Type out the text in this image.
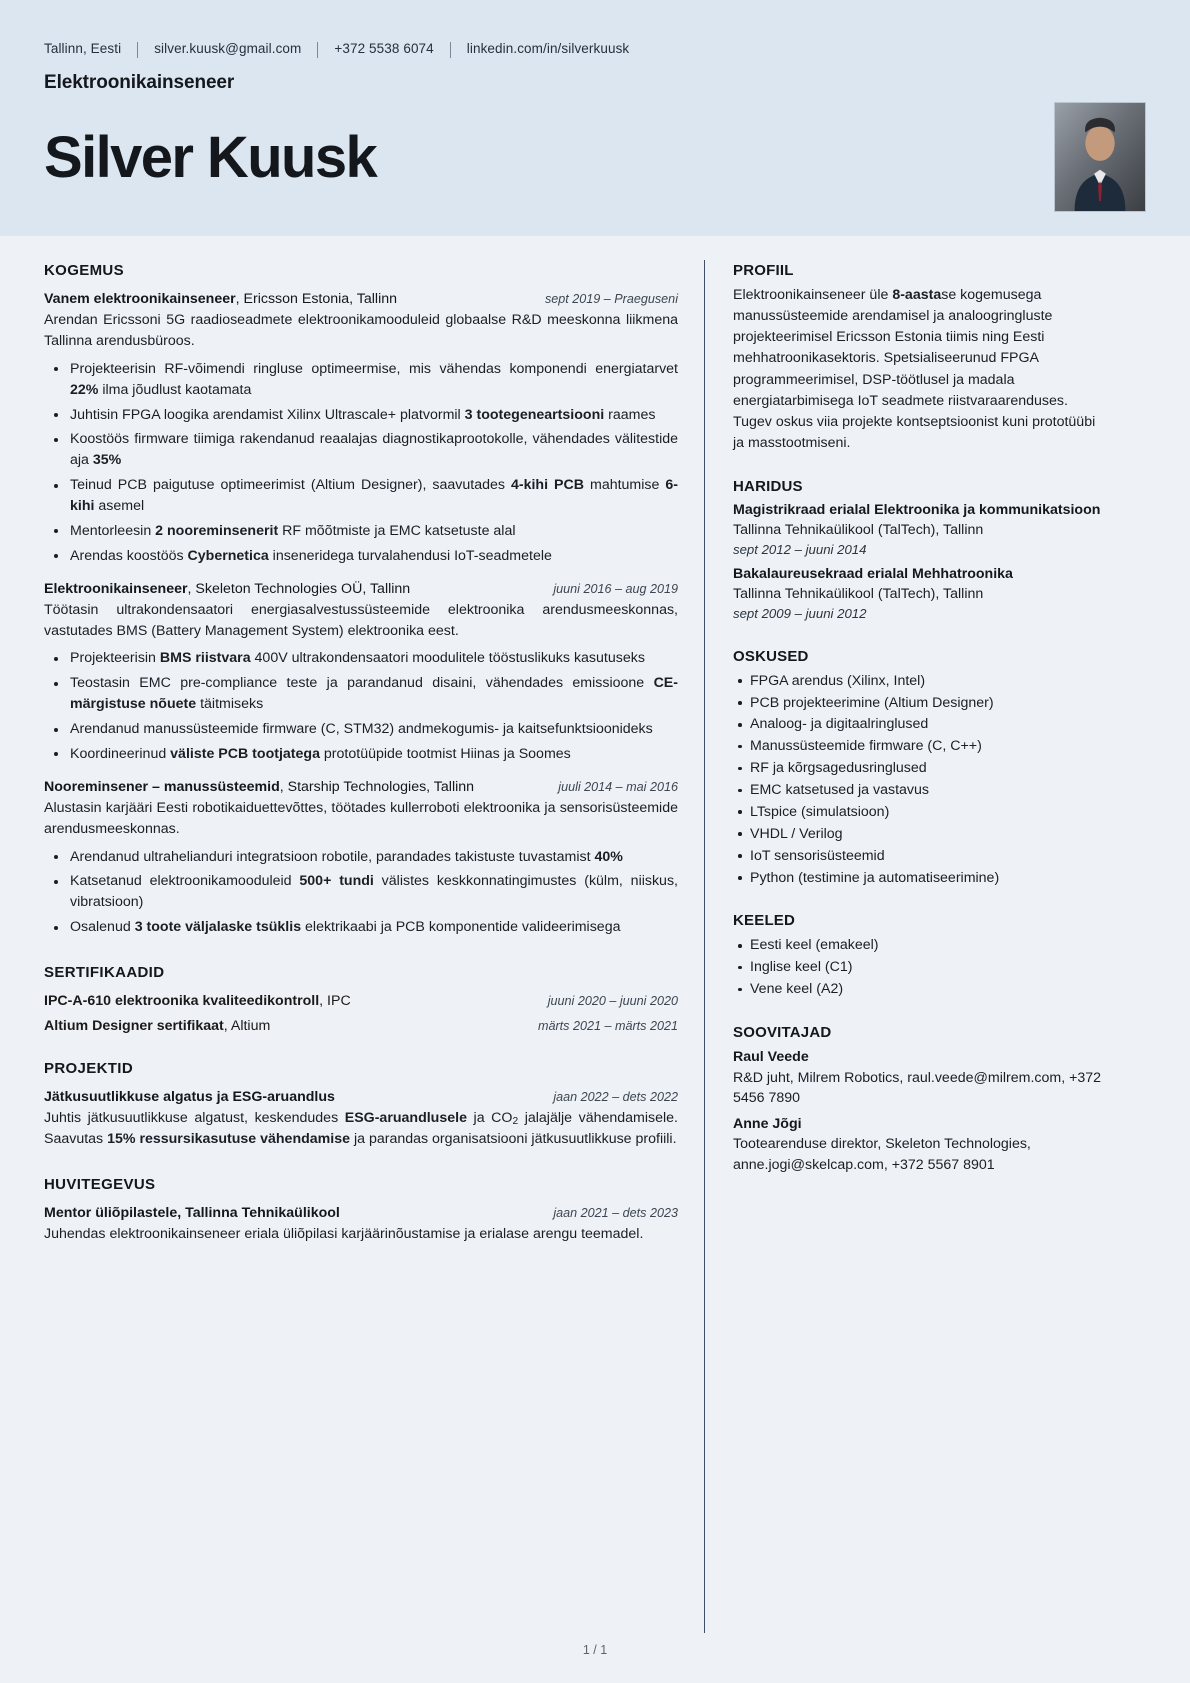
Tallinn, Eesti silver.kuusk@gmail.com +372 5538 6074 linkedin.com/in/silverkuusk
Elektroonikainseneer
Silver Kuusk
KOGEMUS
Vanem elektroonikainseneer, Ericsson Estonia, Tallinn	sept 2019 – Praeguseni
Arendan Ericssoni 5G raadioseadmete elektroonikamooduleid globaalse R&D meeskonna liikmena Tallinna arendusbüroos.
Projekteerisin RF-võimendi ringluse optimeermise, mis vähendas komponendi energiatarvet 22% ilma jõudlust kaotamata
Juhtisin FPGA loogika arendamist Xilinx Ultrascale+ platvormil 3 tootegeneartsiooni raames
Koostöös firmware tiimiga rakendanud reaalajas diagnostikaprootokolle, vähendades välitestide aja 35%
Teinud PCB paigutuse optimeerimist (Altium Designer), saavutades 4-kihi PCB mahtumise 6-kihi asemel
Mentorleesin 2 nooreminsenerit RF mõõtmiste ja EMC katsetuste alal
Arendas koostöös Cybernetica inseneridega turvalahendusi IoT-seadmetele
Elektroonikainseneer, Skeleton Technologies OÜ, Tallinn	juuni 2016 – aug 2019
Töötasin ultrakondensaatori energiasalvestussüsteemide elektroonika arendusmeeskonnas, vastutades BMS (Battery Management System) elektroonika eest.
Projekteerisin BMS riistvara 400V ultrakondensaatori moodulitele tööstuslikuks kasutuseks
Teostasin EMC pre-compliance teste ja parandanud disaini, vähendades emissioone CE-märgistuse nõuete täitmiseks
Arendanud manussüsteemide firmware (C, STM32) andmekogumis- ja kaitsefunktsioonideks
Koordineerinud väliste PCB tootjatega prototüüpide tootmist Hiinas ja Soomes
Nooreminsener – manussüsteemid, Starship Technologies, Tallinn	juuli 2014 – mai 2016
Alustasin karjääri Eesti robotikaiduettevõttes, töötades kullerroboti elektroonika ja sensorisüsteemide arendusmeeskonnas.
Arendanud ultrahelianduri integratsioon robotile, parandades takistuste tuvastamist 40%
Katsetanud elektroonikamooduleid 500+ tundi välistes keskkonnatingimustes (külm, niiskus, vibratsioon)
Osalenud 3 toote väljalaske tsüklis elektrikaabi ja PCB komponentide valideerimisega
SERTIFIKAADID
IPC-A-610 elektroonika kvaliteedikontroll, IPC	juuni 2020 – juuni 2020
Altium Designer sertifikaat, Altium	märts 2021 – märts 2021
PROJEKTID
Jätkusuutlikkuse algatus ja ESG-aruandlus	jaan 2022 – dets 2022
Juhtis jätkusuutlikkuse algatust, keskendudes ESG-aruandlusele ja $CO_2$ jalajälje vähendamisele. Saavutas 15% ressursikasutuse vähendamise ja parandas organisatsiooni jätkusuutlikkuse profiili.
HUVITEGEVUS
Mentor üliõpilastele, Tallinna Tehnikaülikool	jaan 2021 – dets 2023
Juhendas elektroonikainseneer eriala üliõpilasi karjäärinõustamise ja erialase arengu teemadel.
PROFIIL
Elektroonikainseneer üle 8-aastase kogemusega manussüsteemide arendamisel ja analoogringluste projekteerimisel Ericsson Estonia tiimis ning Eesti mehhatroonikasektoris. Spetsialiseerunud FPGA programmeerimisel, DSP-töötlusel ja madala energiatarbimisega IoT seadmete riistvaraarenduses. Tugev oskus viia projekte kontseptsioonist kuni prototüübi ja masstootmiseni.
HARIDUS
Magistrikraad erialal Elektroonika ja kommunikatsioon
Tallinna Tehnikaülikool (TalTech), Tallinn
sept 2012 – juuni 2014
Bakalaureusekraad erialal Mehhatroonika
Tallinna Tehnikaülikool (TalTech), Tallinn
sept 2009 – juuni 2012
OSKUSED
FPGA arendus (Xilinx, Intel)
PCB projekteerimine (Altium Designer)
Analoog- ja digitaalringlused
Manussüsteemide firmware (C, C++)
RF ja kõrgsagedusringlused
EMC katsetused ja vastavus
LTspice (simulatsioon)
VHDL / Verilog
IoT sensorisüsteemid
Python (testimine ja automatiseerimine)
KEELED
Eesti keel (emakeel)
Inglise keel (C1)
Vene keel (A2)
SOOVITAJAD
Raul Veede
R&D juht, Milrem Robotics, raul.veede@milrem.com, +372 5456 7890
Anne Jõgi
Tootearenduse direktor, Skeleton Technologies, anne.jogi@skelcap.com, +372 5567 8901
1 / 1
